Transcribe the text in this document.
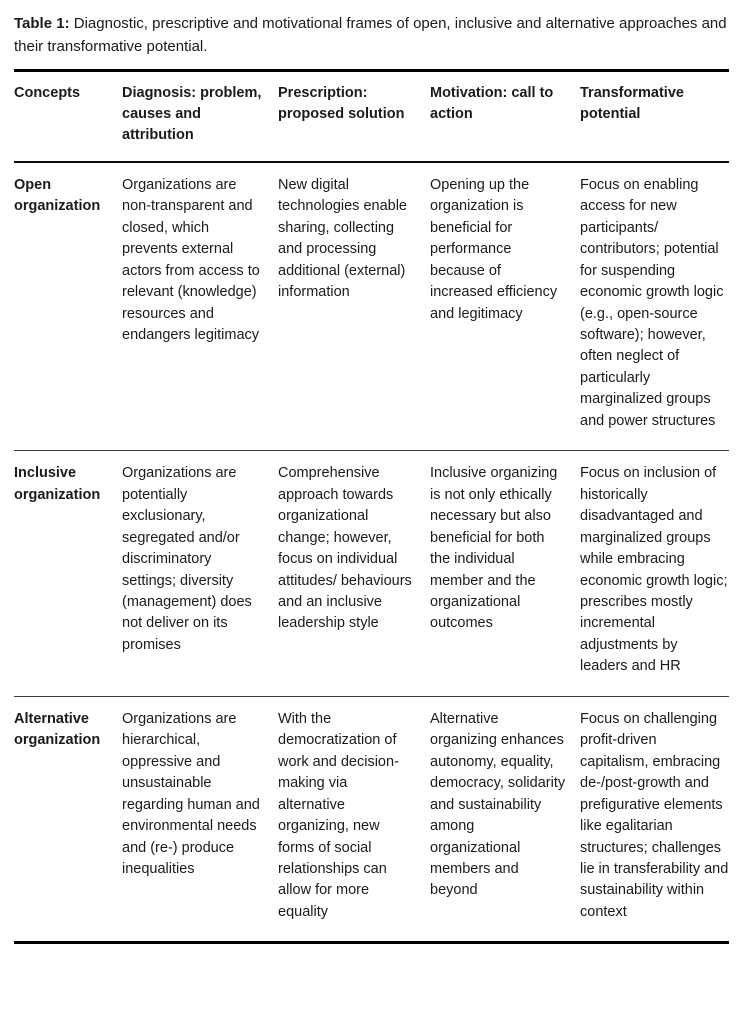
Table 1: Diagnostic, prescriptive and motivational frames of open, inclusive and alternative approaches and their transformative potential.

Concepts	Diagnosis: problem, causes and attribution	Prescription: proposed solution	Motivation: call to action	Transformative potential
Open organization	Organizations are non-transparent and closed, which prevents external actors from access to relevant (knowledge) resources and endangers legitimacy	New digital technologies enable sharing, collecting and processing additional (external) information	Opening up the organization is beneficial for performance because of increased efficiency and legitimacy	Focus on enabling access for new participants/ contributors; potential for suspending economic growth logic (e.g., open-source software); however, often neglect of particularly marginalized groups and power structures
Inclusive organization	Organizations are potentially exclusionary, segregated and/or discriminatory settings; diversity (management) does not deliver on its promises	Comprehensive approach towards organizational change; however, focus on individual attitudes/ behaviours and an inclusive leadership style	Inclusive organizing is not only ethically necessary but also beneficial for both the individual member and the organizational outcomes	Focus on inclusion of historically disadvantaged and marginalized groups while embracing economic growth logic; prescribes mostly incremental adjustments by leaders and HR
Alternative organization	Organizations are hierarchical, oppressive and unsustainable regarding human and environmental needs and (re-) produce inequalities	With the democratization of work and decision-making via alternative organizing, new forms of social relationships can allow for more equality	Alternative organizing enhances autonomy, equality, democracy, solidarity and sustainability among organizational members and beyond	Focus on challenging profit-driven capitalism, embracing de-/post-growth and prefigurative elements like egalitarian structures; challenges lie in transferability and sustainability within context
